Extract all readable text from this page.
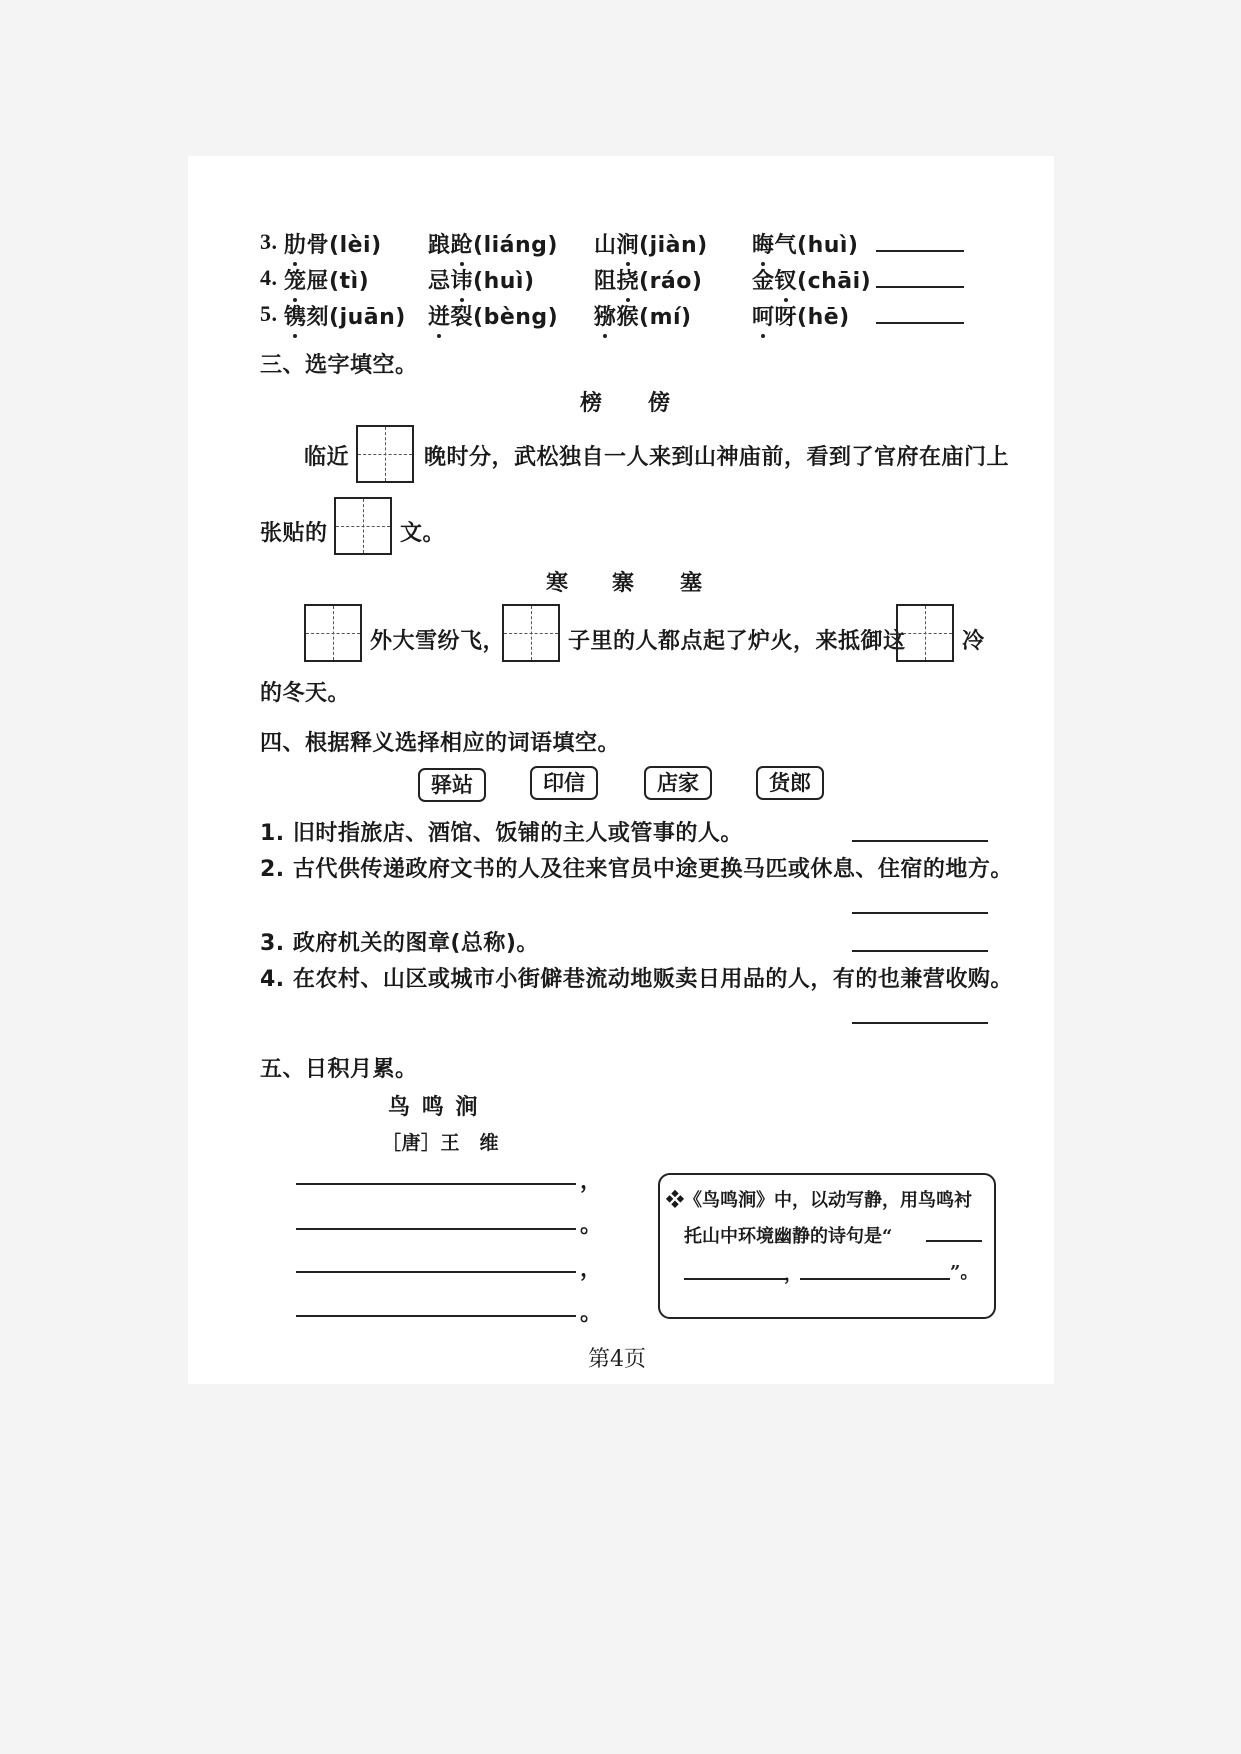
3. 肋骨(lèi) 踉跄(liáng) 山涧(jiàn) 晦气(huì)
4. 笼屉(tì)	忌讳(huì)	阻挠(ráo) 金钗(chāi)
5. 镌刻(juān) 迸裂(bèng) 猕猴(mí)	呵呀(hē)
三、选字填空。
榜 傍
临近	晚时分，武松独自一人来到山神庙前，看到了官府在庙门上
张贴的	文。
寒 寨 塞
外大雪纷飞，	子里的人都点起了炉火，来抵御这	冷
的冬天。
四、根据释义选择相应的词语填空。
驿站	印信	店家	货郎
1. 旧时指旅店、酒馆、饭铺的主人或管事的人。
2. 古代供传递政府文书的人及往来官员中途更换马匹或休息、住宿的地方。
3. 政府机关的图章(总称)。
4. 在农村、山区或城市小街僻巷流动地贩卖日用品的人，有的也兼营收购。
五、日积月累。
鸟 鸣 涧
［唐］王　维
，
。
，
。
❖《鸟鸣涧》中，以动写静，用鸟鸣衬
托山中环境幽静的诗句是“
，	”。
第4页
